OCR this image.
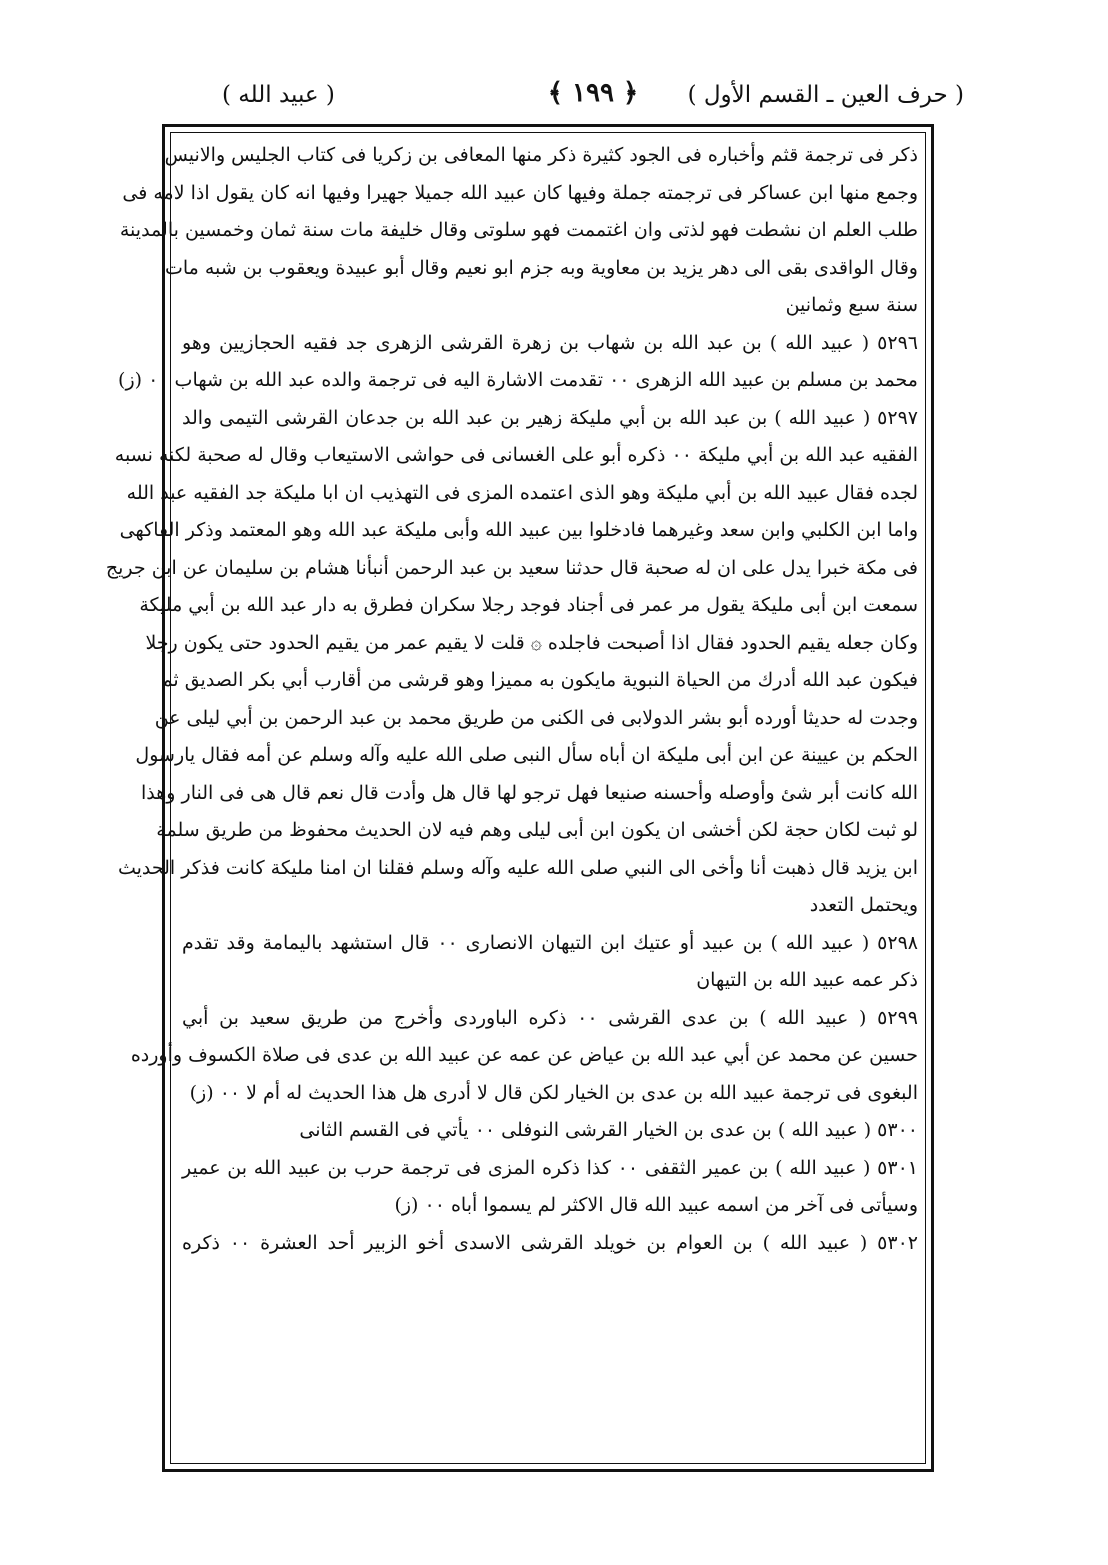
( حرف العين ـ القسم الأول )
﴿ ١٩٩ ﴾
( عبيد الله )
ذكر فى ترجمة قثم وأخباره فى الجود كثيرة ذكر منها المعافى بن زكريا فى كتاب الجليس والانيس
وجمع منها ابن عساكر فى ترجمته جملة وفيها كان عبيد الله جميلا جهيرا وفيها انه كان يقول اذا لامه فى
طلب العلم ان نشطت فهو لذتى وان اغتممت فهو سلوتى وقال خليفة مات سنة ثمان وخمسين بالمدينة
وقال الواقدى بقى الى دهر يزيد بن معاوية وبه جزم ابو نعيم وقال أبو عبيدة ويعقوب بن شبه مات
سنة سبع وثمانين
٥٢٩٦ ( عبيد الله ) بن عبد الله بن شهاب بن زهرة القرشى الزهرى جد فقيه الحجازيين وهو
محمد بن مسلم بن عبيد الله الزهرى ٠٠ تقدمت الاشارة اليه فى ترجمة والده عبد الله بن شهاب ٠٠ (ز)
٥٢٩٧ ( عبيد الله ) بن عبد الله بن أبي مليكة زهير بن عبد الله بن جدعان القرشى التيمى والد
الفقيه عبد الله بن أبي مليكة ٠٠ ذكره أبو على الغسانى فى حواشى الاستيعاب وقال له صحبة لكنه نسبه
لجده فقال عبيد الله بن أبي مليكة وهو الذى اعتمده المزى فى التهذيب ان ابا مليكة جد الفقيه عبد الله
واما ابن الكلبي وابن سعد وغيرهما فادخلوا بين عبيد الله وأبى مليكة عبد الله وهو المعتمد وذكر الفاكهى
فى مكة خبرا يدل على ان له صحبة قال حدثنا سعيد بن عبد الرحمن أنبأنا هشام بن سليمان عن ابن جريج
سمعت ابن أبى مليكة يقول مر عمر فى أجناد فوجد رجلا سكران فطرق به دار عبد الله بن أبي مليكة
وكان جعله يقيم الحدود فقال اذا أصبحت فاجلده ۞ قلت لا يقيم عمر من يقيم الحدود حتى يكون رجلا
فيكون عبد الله أدرك من الحياة النبوية مايكون به مميزا وهو قرشى من أقارب أبي بكر الصديق ثم
وجدت له حديثا أورده أبو بشر الدولابى فى الكنى من طريق محمد بن عبد الرحمن بن أبي ليلى عن
الحكم بن عيينة عن ابن أبى مليكة ان أباه سأل النبى صلى الله عليه وآله وسلم عن أمه فقال يارسول
الله كانت أبر شئ وأوصله وأحسنه صنيعا فهل ترجو لها قال هل وأدت قال نعم قال هى فى النار وهذا
لو ثبت لكان حجة لكن أخشى ان يكون ابن أبى ليلى وهم فيه لان الحديث محفوظ من طريق سلمة
ابن يزيد قال ذهبت أنا وأخى الى النبي صلى الله عليه وآله وسلم فقلنا ان امنا مليكة كانت فذكر الحديث
ويحتمل التعدد
٥٢٩٨ ( عبيد الله ) بن عبيد أو عتيك ابن التيهان الانصارى ٠٠ قال استشهد باليمامة وقد تقدم
ذكر عمه عبيد الله بن التيهان
٥٢٩٩ ( عبيد الله ) بن عدى القرشى ٠٠ ذكره الباوردى وأخرج من طريق سعيد بن أبي
حسين عن محمد عن أبي عبد الله بن عياض عن عمه عن عبيد الله بن عدى فى صلاة الكسوف وأورده
البغوى فى ترجمة عبيد الله بن عدى بن الخيار لكن قال لا أدرى هل هذا الحديث له أم لا ٠٠ (ز)
٥٣٠٠ ( عبيد الله ) بن عدى بن الخيار القرشى النوفلى ٠٠ يأتي فى القسم الثانى
٥٣٠١ ( عبيد الله ) بن عمير الثقفى ٠٠ كذا ذكره المزى فى ترجمة حرب بن عبيد الله بن عمير
وسيأتى فى آخر من اسمه عبيد الله قال الاكثر لم يسموا أباه ٠٠ (ز)
٥٣٠٢ ( عبيد الله ) بن العوام بن خويلد القرشى الاسدى أخو الزبير أحد العشرة ٠٠ ذكره
